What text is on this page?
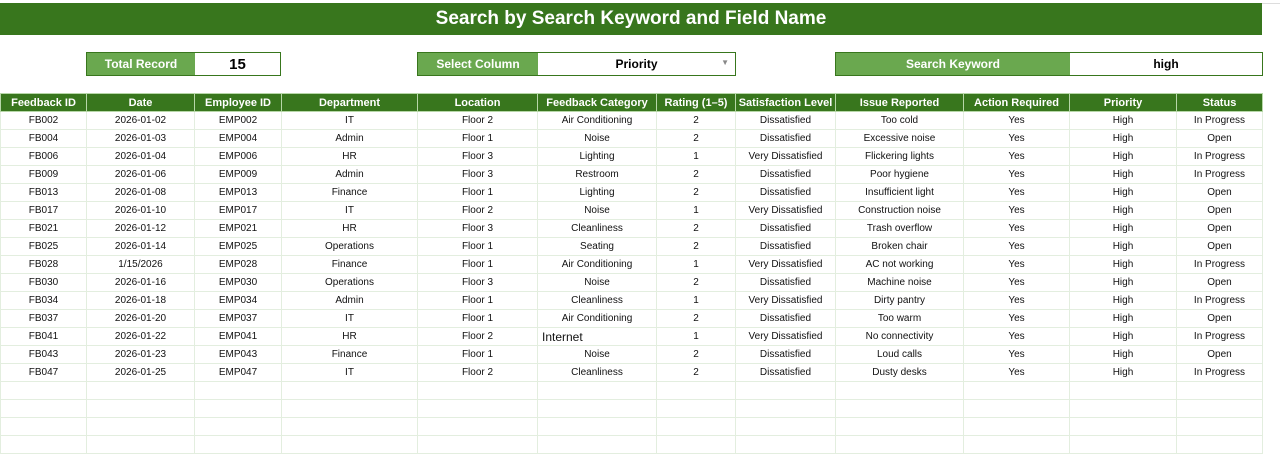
Search by Search Keyword and Field Name
Total Record	15	Select Column	Priority	▼	Search Keyword	high
Feedback ID	Date	Employee ID	Department	Location	Feedback Category	Rating (1–5)	Satisfaction Level	Issue Reported	Action Required	Priority	Status
FB002	2026-01-02	EMP002	IT	Floor 2	Air Conditioning	2	Dissatisfied	Too cold	Yes	High	In Progress
FB004	2026-01-03	EMP004	Admin	Floor 1	Noise	2	Dissatisfied	Excessive noise	Yes	High	Open
FB006	2026-01-04	EMP006	HR	Floor 3	Lighting	1	Very Dissatisfied	Flickering lights	Yes	High	In Progress
FB009	2026-01-06	EMP009	Admin	Floor 3	Restroom	2	Dissatisfied	Poor hygiene	Yes	High	In Progress
FB013	2026-01-08	EMP013	Finance	Floor 1	Lighting	2	Dissatisfied	Insufficient light	Yes	High	Open
FB017	2026-01-10	EMP017	IT	Floor 2	Noise	1	Very Dissatisfied	Construction noise	Yes	High	Open
FB021	2026-01-12	EMP021	HR	Floor 3	Cleanliness	2	Dissatisfied	Trash overflow	Yes	High	Open
FB025	2026-01-14	EMP025	Operations	Floor 1	Seating	2	Dissatisfied	Broken chair	Yes	High	Open
FB028	1/15/2026	EMP028	Finance	Floor 1	Air Conditioning	1	Very Dissatisfied	AC not working	Yes	High	In Progress
FB030	2026-01-16	EMP030	Operations	Floor 3	Noise	2	Dissatisfied	Machine noise	Yes	High	Open
FB034	2026-01-18	EMP034	Admin	Floor 1	Cleanliness	1	Very Dissatisfied	Dirty pantry	Yes	High	In Progress
FB037	2026-01-20	EMP037	IT	Floor 1	Air Conditioning	2	Dissatisfied	Too warm	Yes	High	Open
FB041	2026-01-22	EMP041	HR	Floor 2	Internet	1	Very Dissatisfied	No connectivity	Yes	High	In Progress
FB043	2026-01-23	EMP043	Finance	Floor 1	Noise	2	Dissatisfied	Loud calls	Yes	High	Open
FB047	2026-01-25	EMP047	IT	Floor 2	Cleanliness	2	Dissatisfied	Dusty desks	Yes	High	In Progress
